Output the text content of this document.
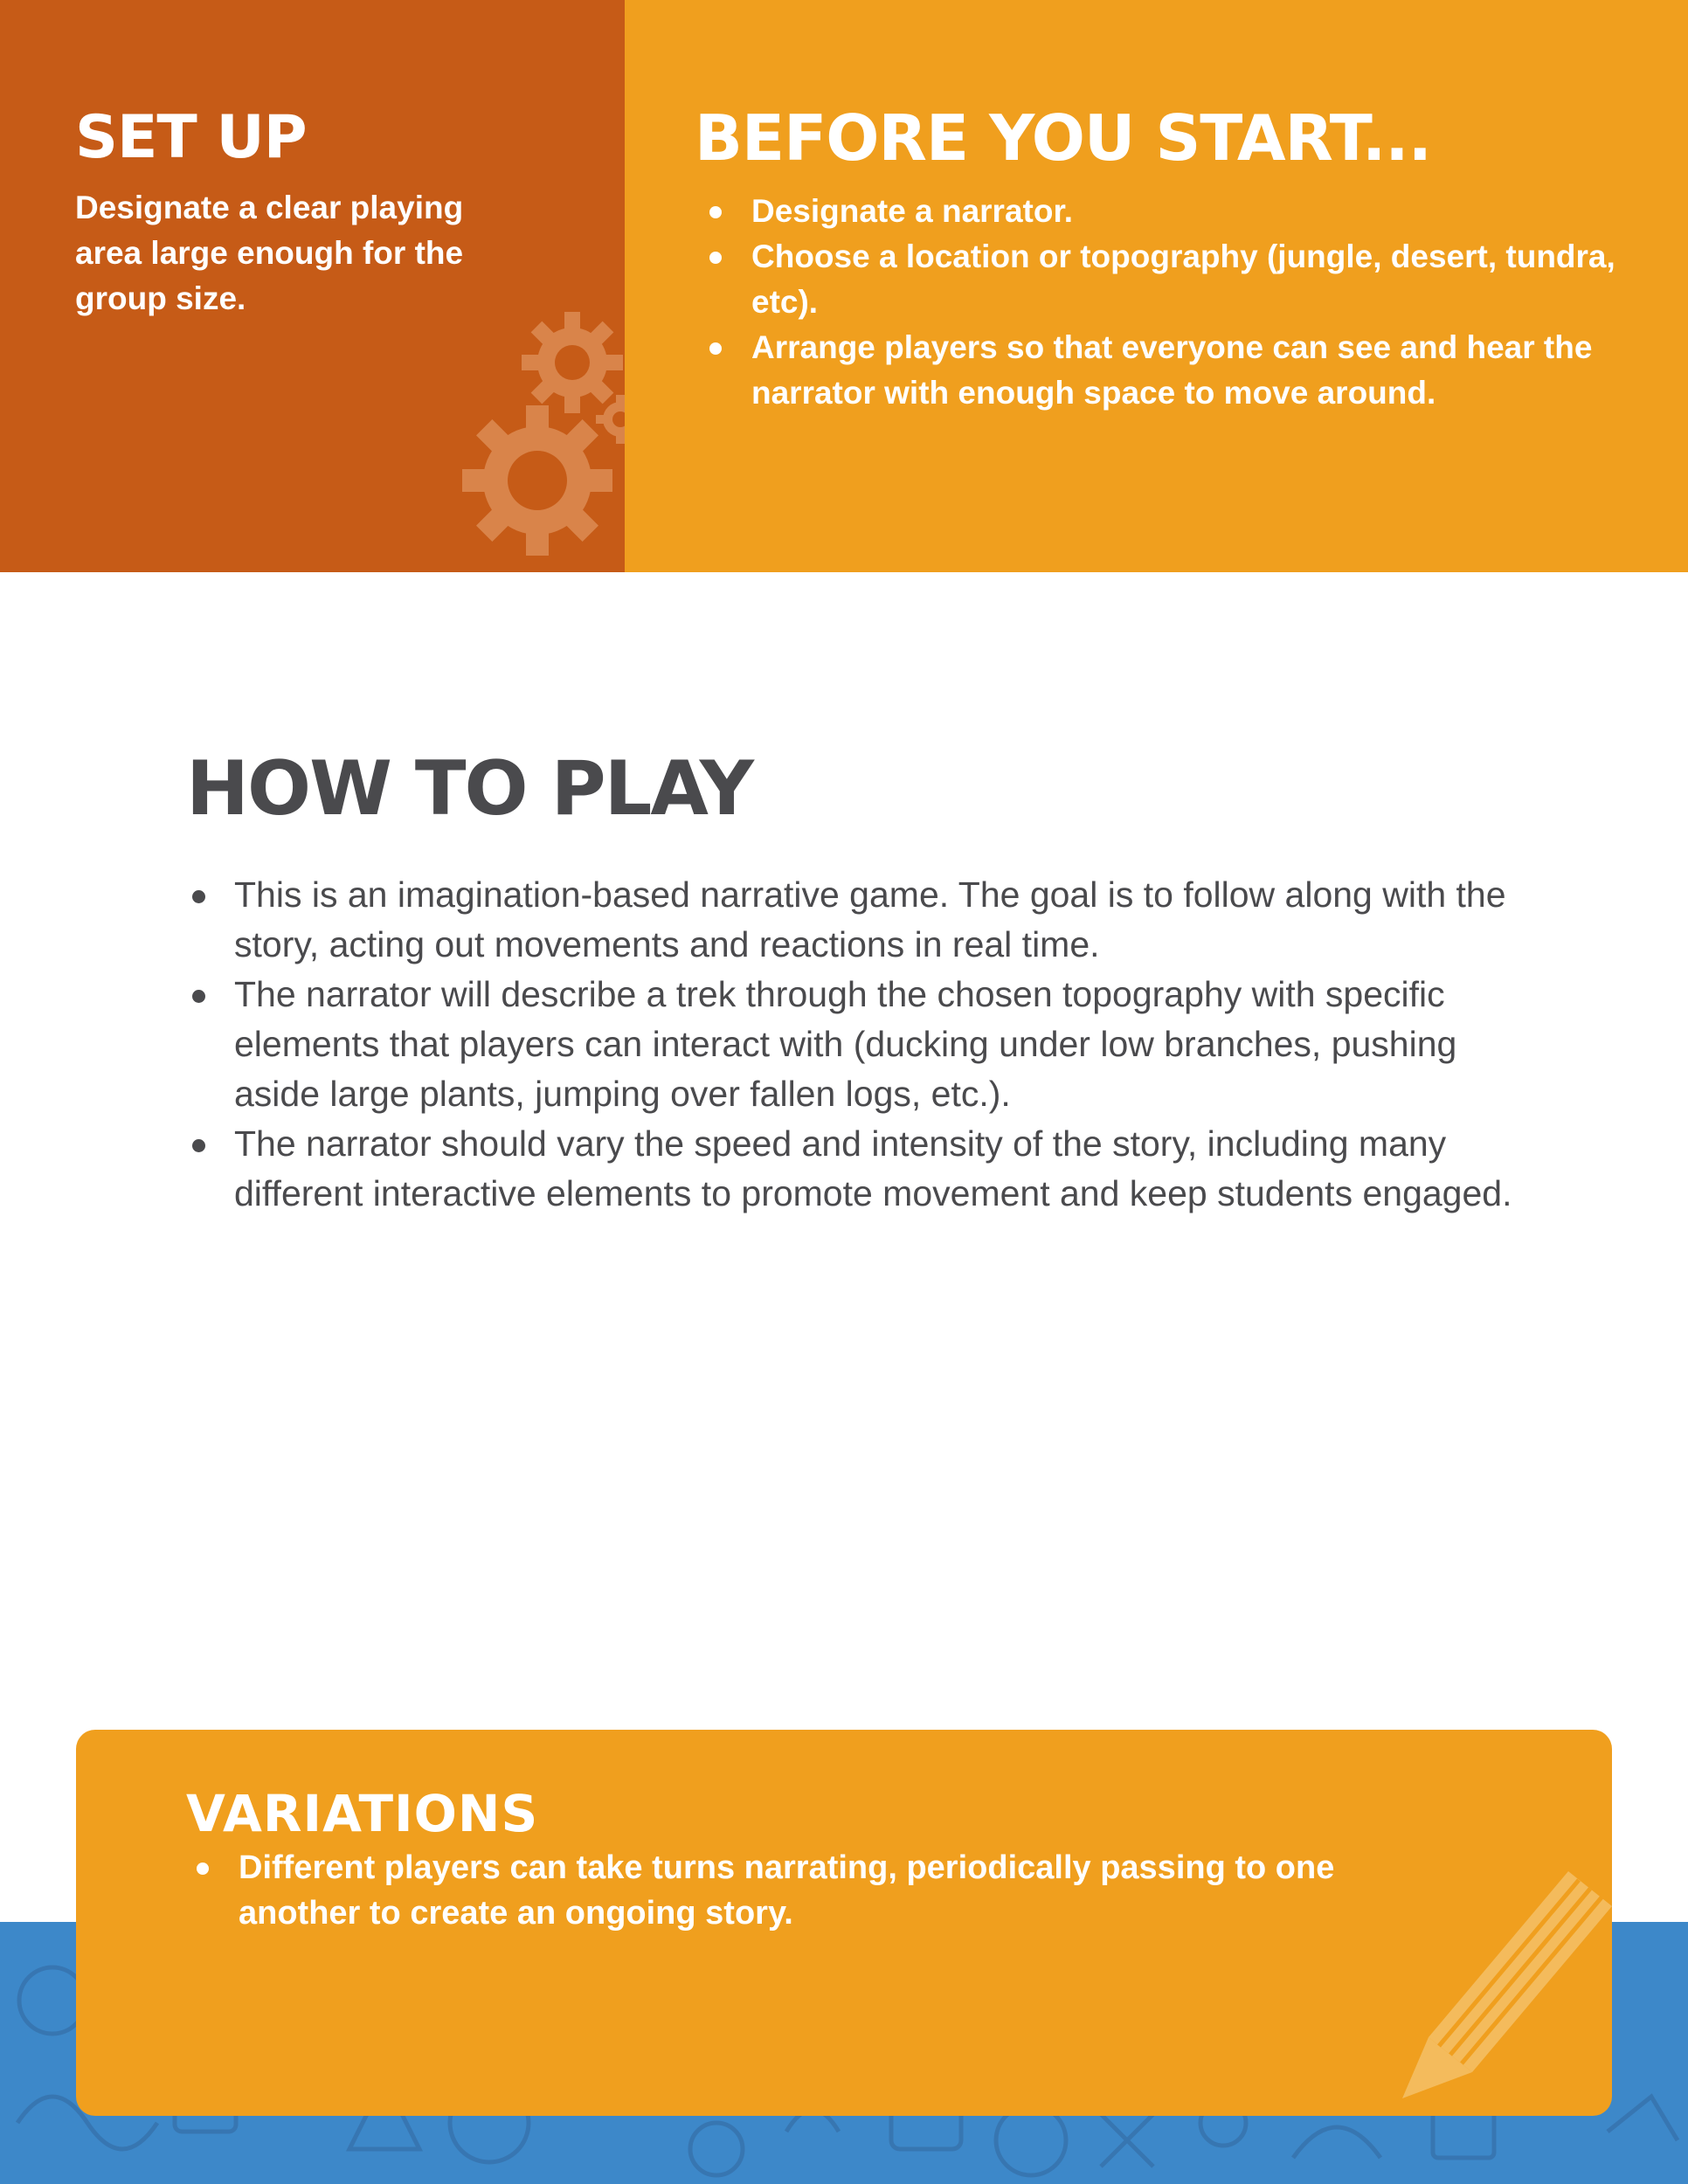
SET UP

Designate a clear playing area large enough for the group size.

BEFORE YOU START...
Designate a narrator.
Choose a location or topography (jungle, desert, tundra, etc).
Arrange players so that everyone can see and hear the narrator with enough space to move around.
HOW TO PLAY
This is an imagination-based narrative game. The goal is to follow along with the story, acting out movements and reactions in real time.
The narrator will describe a trek through the chosen topography with specific elements that players can interact with (ducking under low branches, pushing aside large plants, jumping over fallen logs, etc.).
The narrator should vary the speed and intensity of the story, including many different interactive elements to promote movement and keep students engaged.
VARIATIONS
Different players can take turns narrating, periodically passing to one another to create an ongoing story.
